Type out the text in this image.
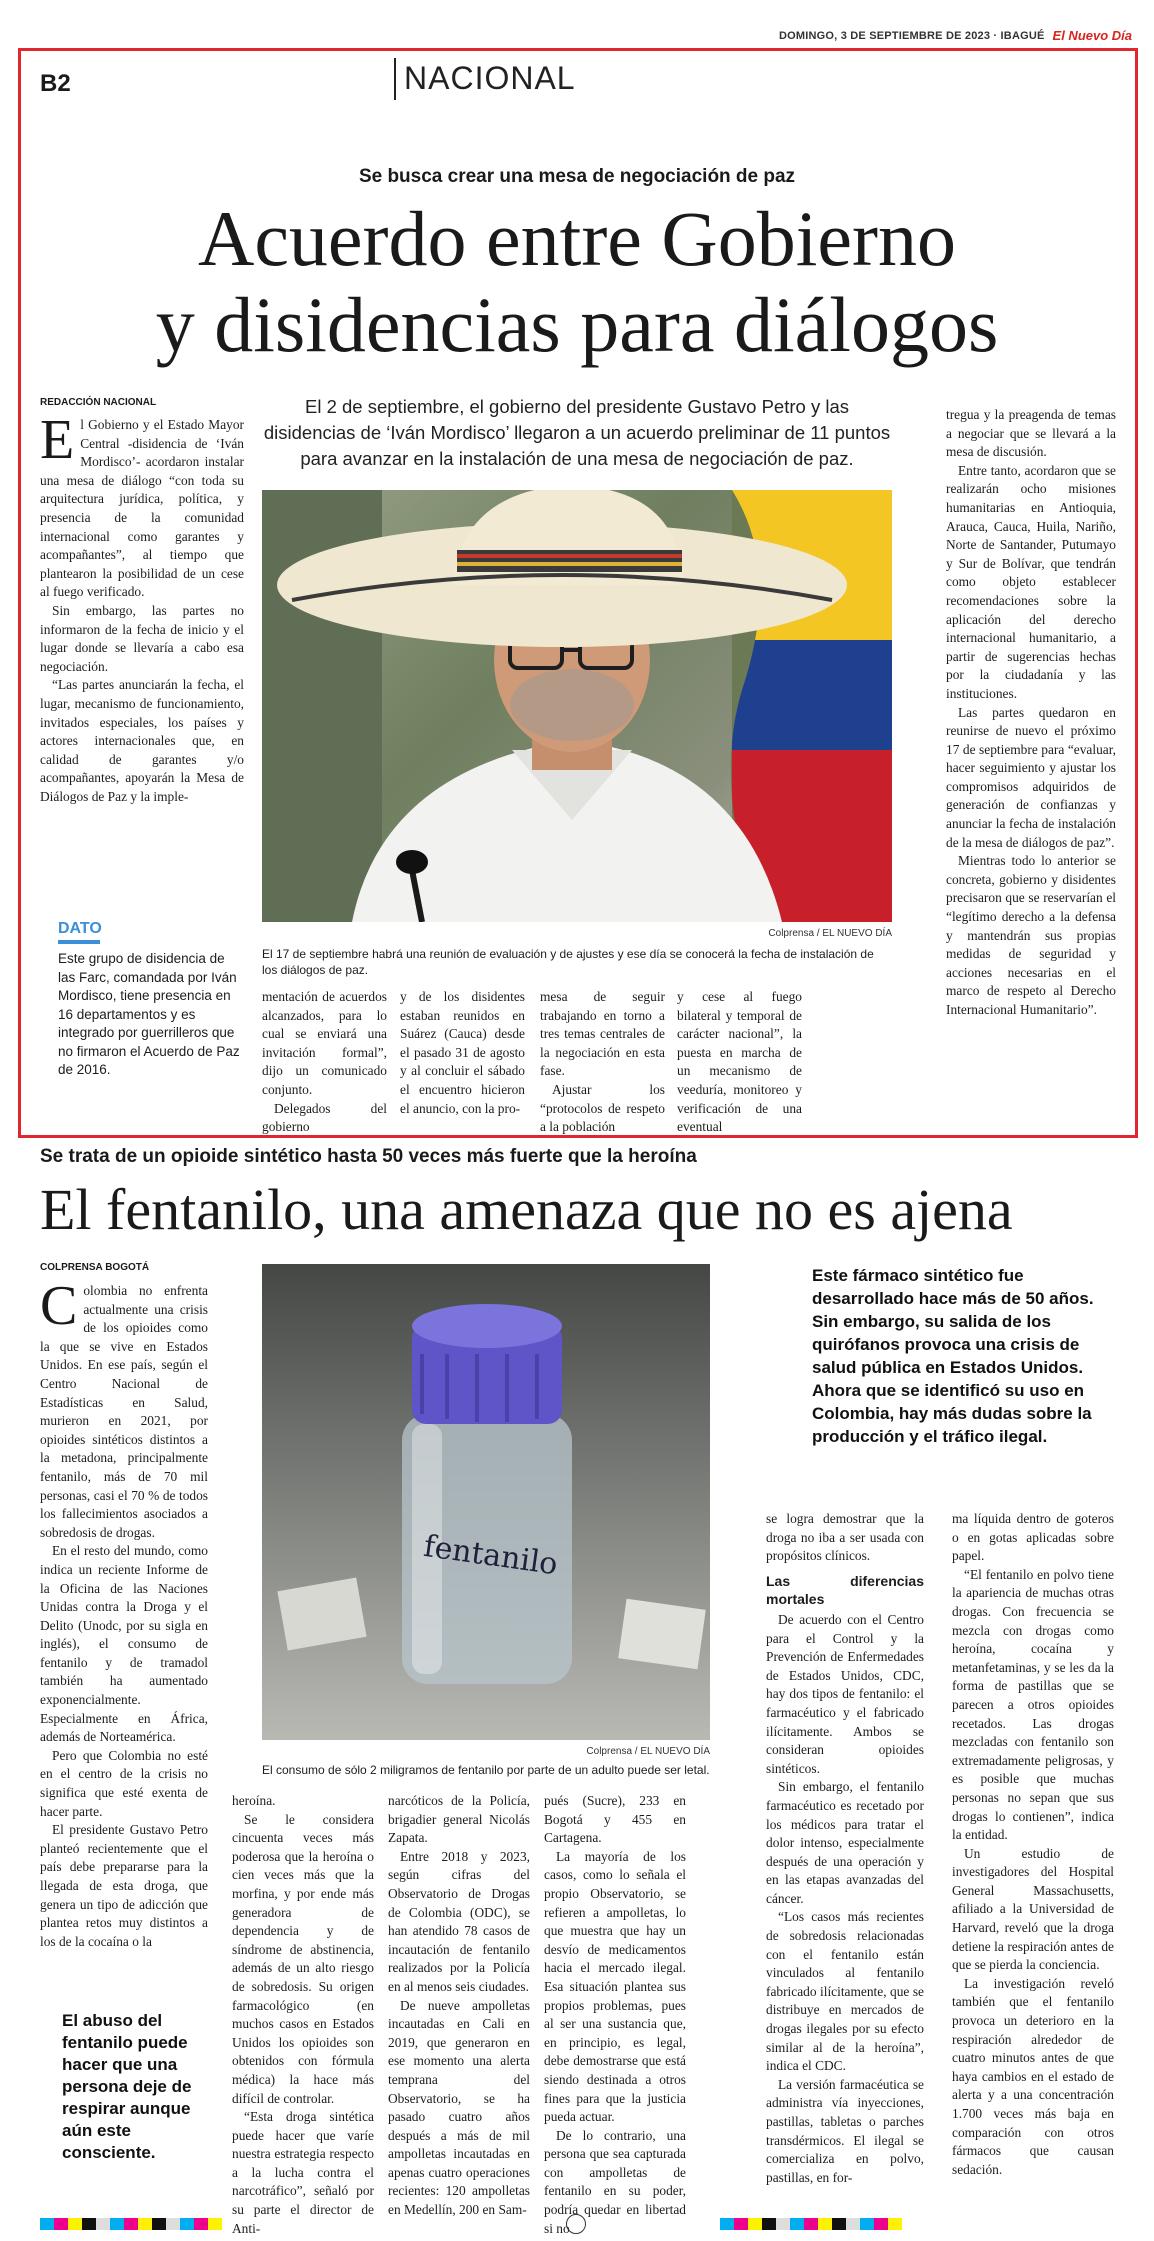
DOMINGO, 3 DE SEPTIEMBRE DE 2023 · IBAGUÉ El Nuevo Día
B2	NACIONAL
Se busca crear una mesa de negociación de paz
Acuerdo entre Gobierno
y disidencias para diálogos
REDACCIÓN NACIONAL

El Gobierno y el Estado Mayor Central -disidencia de ‘Iván Mordisco’- acordaron instalar una mesa de diálogo “con toda su arquitectura jurídica, política, y presencia de la comunidad internacional como garantes y acompañantes”, al tiempo que plantearon la posibilidad de un cese al fuego verificado.

Sin embargo, las partes no informaron de la fecha de inicio y el lugar donde se llevaría a cabo esa negociación.

“Las partes anunciarán la fecha, el lugar, mecanismo de funcionamiento, invitados especiales, los países y actores internacionales que, en calidad de garantes y/o acompañantes, apoyarán la Mesa de Diálogos de Paz y la imple-

DATO
Este grupo de disidencia de las Farc, comandada por Iván Mordisco, tiene presencia en 16 departamentos y es integrado por guerrilleros que no firmaron el Acuerdo de Paz de 2016.
El 2 de septiembre, el gobierno del presidente Gustavo Petro y las disidencias de ‘Iván Mordisco’ llegaron a un acuerdo preliminar de 11 puntos para avanzar en la instalación de una mesa de negociación de paz.
Colprensa / EL NUEVO DÍA
El 17 de septiembre habrá una reunión de evaluación y de ajustes y ese día se conocerá la fecha de instalación de los diálogos de paz.

mentación de acuerdos alcanzados, para lo cual se enviará una invitación formal”, dijo un comunicado conjunto.

Delegados del gobierno

y de los disidentes estaban reunidos en Suárez (Cauca) desde el pasado 31 de agosto y al concluir el sábado el encuentro hicieron el anuncio, con la pro-

mesa de seguir trabajando en torno a tres temas centrales de la negociación en esta fase.

Ajustar los “protocolos de respeto a la población

y cese al fuego bilateral y temporal de carácter nacional”, la puesta en marcha de un mecanismo de veeduría, monitoreo y verificación de una eventual

tregua y la preagenda de temas a negociar que se llevará a la mesa de discusión.

Entre tanto, acordaron que se realizarán ocho misiones humanitarias en Antioquia, Arauca, Cauca, Huila, Nariño, Norte de Santander, Putumayo y Sur de Bolívar, que tendrán como objeto establecer recomendaciones sobre la aplicación del derecho internacional humanitario, a partir de sugerencias hechas por la ciudadanía y las instituciones.

Las partes quedaron en reunirse de nuevo el próximo 17 de septiembre para “evaluar, hacer seguimiento y ajustar los compromisos adquiridos de generación de confianzas y anunciar la fecha de instalación de la mesa de diálogos de paz”.

Mientras todo lo anterior se concreta, gobierno y disidentes precisaron que se reservarían el “legítimo derecho a la defensa y mantendrán sus propias medidas de seguridad y acciones necesarias en el marco de respeto al Derecho Internacional Humanitario”.

Se trata de un opioide sintético hasta 50 veces más fuerte que la heroína
El fentanilo, una amenaza que no es ajena
COLPRENSA BOGOTÁ

Colombia no enfrenta actualmente una crisis de los opioides como la que se vive en Estados Unidos. En ese país, según el Centro Nacional de Estadísticas en Salud, murieron en 2021, por opioides sintéticos distintos a la metadona, principalmente fentanilo, más de 70 mil personas, casi el 70 % de todos los fallecimientos asociados a sobredosis de drogas.

En el resto del mundo, como indica un reciente Informe de la Oficina de las Naciones Unidas contra la Droga y el Delito (Unodc, por su sigla en inglés), el consumo de fentanilo y de tramadol también ha aumentado exponencialmente. Especialmente en África, además de Norteamérica.

Pero que Colombia no esté en el centro de la crisis no significa que esté exenta de hacer parte.

El presidente Gustavo Petro planteó recientemente que el país debe prepararse para la llegada de esta droga, que genera un tipo de adicción que plantea retos muy distintos a los de la cocaína o la

El abuso del fentanilo puede hacer que una persona deje de respirar aunque aún este consciente.
fentanilo
Colprensa / EL NUEVO DÍA
El consumo de sólo 2 miligramos de fentanilo por parte de un adulto puede ser letal.
Este fármaco sintético fue desarrollado hace más de 50 años. Sin embargo, su salida de los quirófanos provoca una crisis de salud pública en Estados Unidos. Ahora que se identificó su uso en Colombia, hay más dudas sobre la producción y el tráfico ilegal.

heroína.

Se le considera cincuenta veces más poderosa que la heroína o cien veces más que la morfina, y por ende más generadora de dependencia y de síndrome de abstinencia, además de un alto riesgo de sobredosis. Su origen farmacológico (en muchos casos en Estados Unidos los opioides son obtenidos con fórmula médica) la hace más difícil de controlar.

“Esta droga sintética puede hacer que varíe nuestra estrategia respecto a la lucha contra el narcotráfico”, señaló por su parte el director de Anti-

narcóticos de la Policía, brigadier general Nicolás Zapata.

Entre 2018 y 2023, según cifras del Observatorio de Drogas de Colombia (ODC), se han atendido 78 casos de incautación de fentanilo realizados por la Policía en al menos seis ciudades.

De nueve ampolletas incautadas en Cali en 2019, que generaron en ese momento una alerta temprana del Observatorio, se ha pasado cuatro años después a más de mil ampolletas incautadas en apenas cuatro operaciones recientes: 120 ampolletas en Medellín, 200 en Sam-

pués (Sucre), 233 en Bogotá y 455 en Cartagena.

La mayoría de los casos, como lo señala el propio Observatorio, se refieren a ampolletas, lo que muestra que hay un desvío de medicamentos hacia el mercado ilegal. Esa situación plantea sus propios problemas, pues al ser una sustancia que, en principio, es legal, debe demostrarse que está siendo destinada a otros fines para que la justicia pueda actuar.

De lo contrario, una persona que sea capturada con ampolletas de fentanilo en su poder, podría quedar en libertad si no

se logra demostrar que la droga no iba a ser usada con propósitos clínicos.

Las diferencias mortales

De acuerdo con el Centro para el Control y la Prevención de Enfermedades de Estados Unidos, CDC, hay dos tipos de fentanilo: el farmacéutico y el fabricado ilícitamente. Ambos se consideran opioides sintéticos.

Sin embargo, el fentanilo farmacéutico es recetado por los médicos para tratar el dolor intenso, especialmente después de una operación y en las etapas avanzadas del cáncer.

“Los casos más recientes de sobredosis relacionadas con el fentanilo están vinculados al fentanilo fabricado ilícitamente, que se distribuye en mercados de drogas ilegales por su efecto similar al de la heroína”, indica el CDC.

La versión farmacéutica se administra vía inyecciones, pastillas, tabletas o parches transdérmicos. El ilegal se comercializa en polvo, pastillas, en for-

ma líquida dentro de goteros o en gotas aplicadas sobre papel.

“El fentanilo en polvo tiene la apariencia de muchas otras drogas. Con frecuencia se mezcla con drogas como heroína, cocaína y metanfetaminas, y se les da la forma de pastillas que se parecen a otros opioides recetados. Las drogas mezcladas con fentanilo son extremadamente peligrosas, y es posible que muchas personas no sepan que sus drogas lo contienen”, indica la entidad.

Un estudio de investigadores del Hospital General Massachusetts, afiliado a la Universidad de Harvard, reveló que la droga detiene la respiración antes de que se pierda la conciencia.

La investigación reveló también que el fentanilo provoca un deterioro en la respiración alrededor de cuatro minutos antes de que haya cambios en el estado de alerta y a una concentración 1.700 veces más baja en comparación con otros fármacos que causan sedación.
